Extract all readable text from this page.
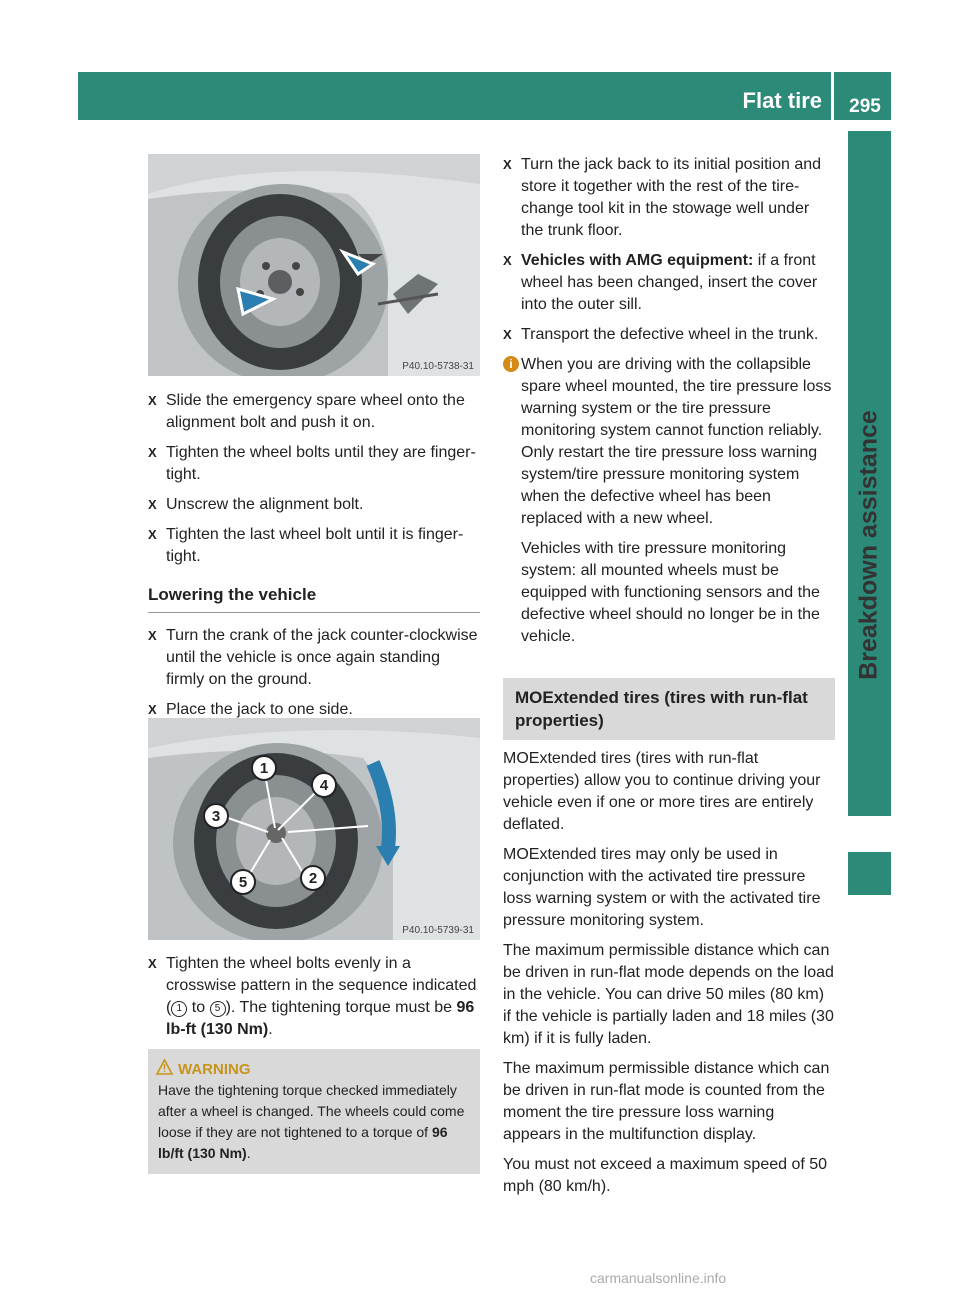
Flat tire	295
Breakdown assistance
P40.10-5738-31
X Slide the emergency spare wheel onto the alignment bolt and push it on.
X Tighten the wheel bolts until they are finger-tight.
X Unscrew the alignment bolt.
X Tighten the last wheel bolt until it is finger-tight.
Lowering the vehicle
X Turn the crank of the jack counter-clockwise until the vehicle is once again standing firmly on the ground.
X Place the jack to one side.
1
4
3
2
5
P40.10-5739-31
X Tighten the wheel bolts evenly in a crosswise pattern in the sequence indicated ( 1 to 5 ). The tightening torque must be 96 lb-ft (130 Nm).
WARNING
Have the tightening torque checked immediately after a wheel is changed. The wheels could come loose if they are not tightened to a torque of 96 lb/ft (130 Nm).
X Turn the jack back to its initial position and store it together with the rest of the tire-change tool kit in the stowage well under the trunk floor.
X Vehicles with AMG equipment: if a front wheel has been changed, insert the cover into the outer sill.
X Transport the defective wheel in the trunk.
i When you are driving with the collapsible spare wheel mounted, the tire pressure loss warning system or the tire pressure monitoring system cannot function reliably. Only restart the tire pressure loss warning system/tire pressure monitoring system when the defective wheel has been replaced with a new wheel.

Vehicles with tire pressure monitoring system: all mounted wheels must be equipped with functioning sensors and the defective wheel should no longer be in the vehicle.

MOExtended tires (tires with run-flat properties)

MOExtended tires (tires with run-flat properties) allow you to continue driving your vehicle even if one or more tires are entirely deflated.

MOExtended tires may only be used in conjunction with the activated tire pressure loss warning system or with the activated tire pressure monitoring system.

The maximum permissible distance which can be driven in run-flat mode depends on the load in the vehicle. You can drive 50 miles (80 km) if the vehicle is partially laden and 18 miles (30 km) if it is fully laden.

The maximum permissible distance which can be driven in run-flat mode is counted from the moment the tire pressure loss warning appears in the multifunction display.

You must not exceed a maximum speed of 50 mph (80 km/h).

carmanualsonline.info
